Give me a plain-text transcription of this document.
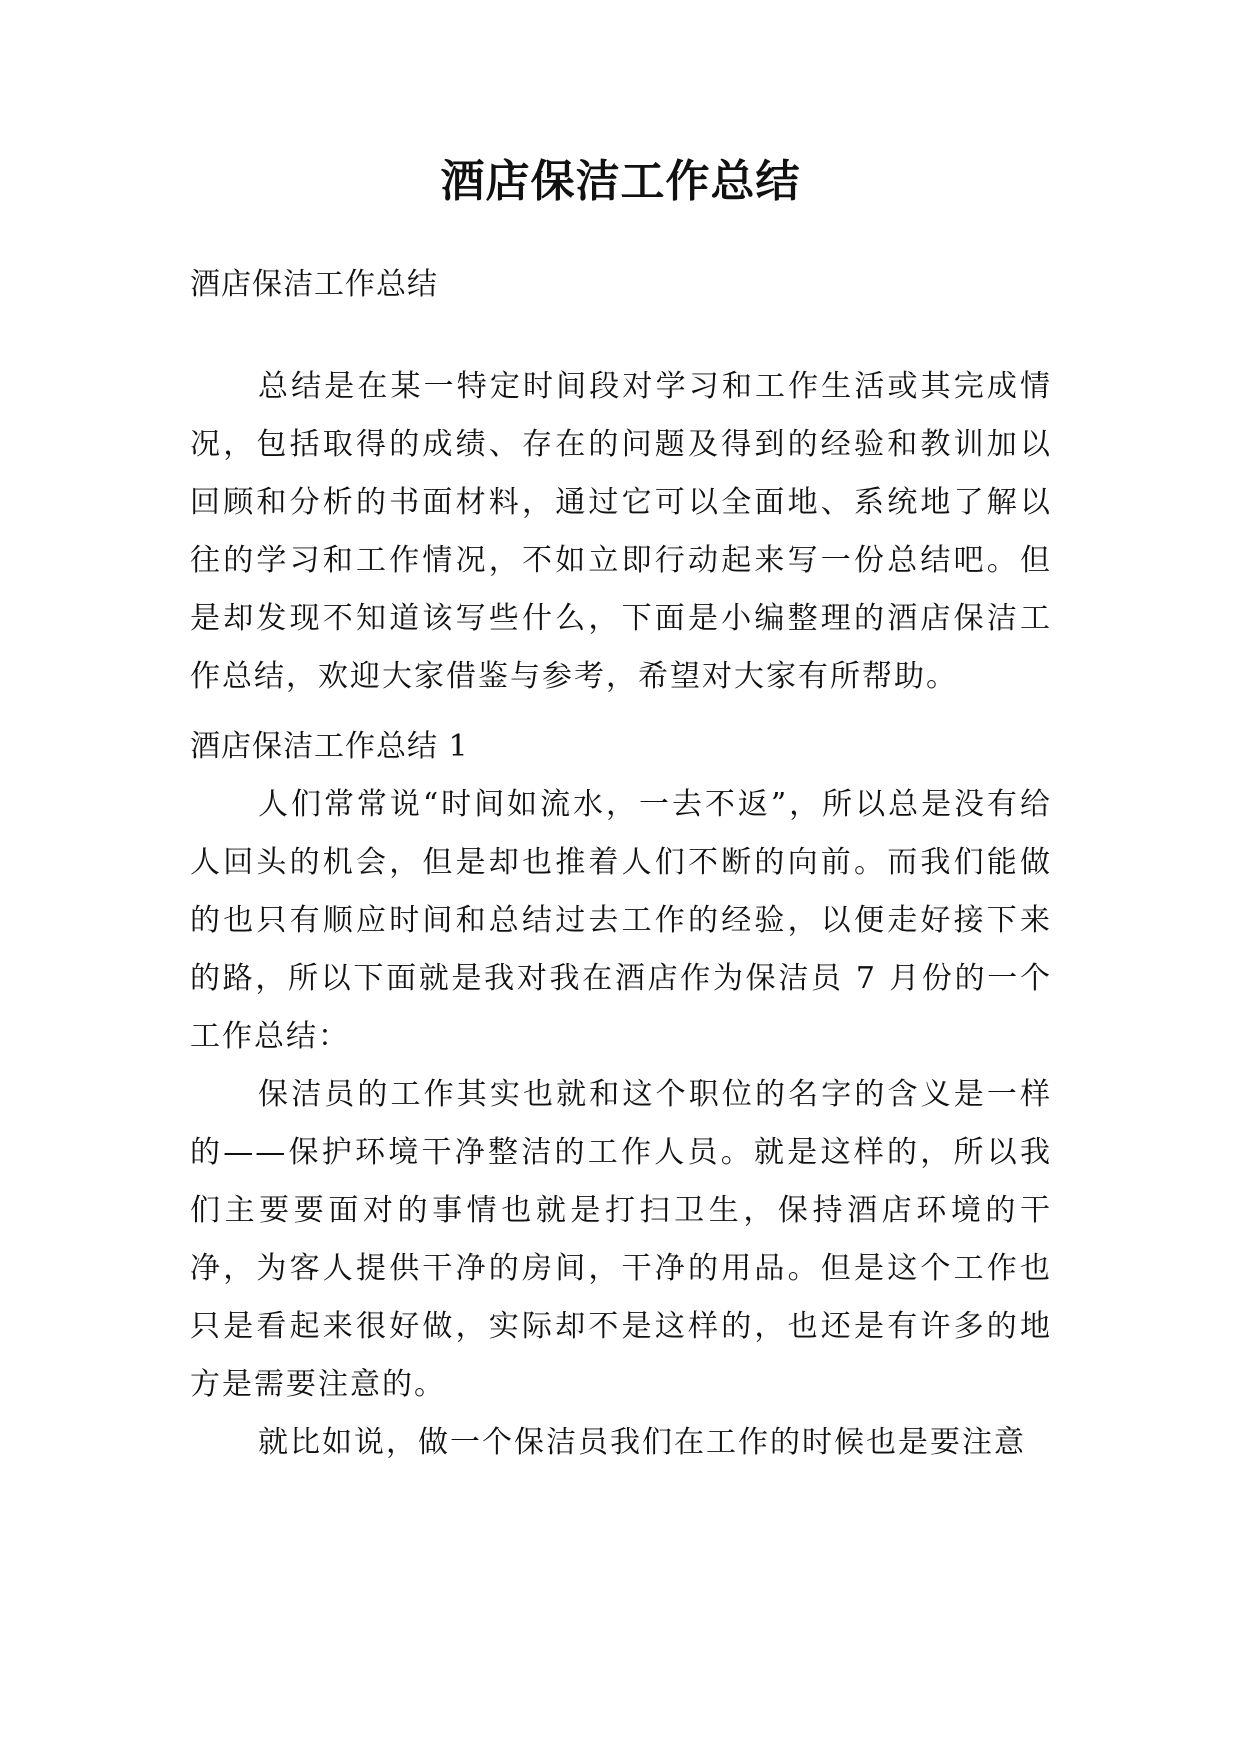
酒店保洁工作总结

酒店保洁工作总结

总结是在某一特定时间段对学习和工作生活或其完成情况，包括取得的成绩、存在的问题及得到的经验和教训加以回顾和分析的书面材料，通过它可以全面地、系统地了解以往的学习和工作情况，不如立即行动起来写一份总结吧。但是却发现不知道该写些什么，下面是小编整理的酒店保洁工作总结，欢迎大家借鉴与参考，希望对大家有所帮助。

酒店保洁工作总结 1

人们常常说“时间如流水，一去不返”，所以总是没有给人回头的机会，但是却也推着人们不断的向前。而我们能做的也只有顺应时间和总结过去工作的经验，以便走好接下来的路，所以下面就是我对我在酒店作为保洁员 7 月份的一个工作总结：

保洁员的工作其实也就和这个职位的名字的含义是一样的——保护环境干净整洁的工作人员。就是这样的，所以我们主要要面对的事情也就是打扫卫生，保持酒店环境的干净，为客人提供干净的房间，干净的用品。但是这个工作也只是看起来很好做，实际却不是这样的，也还是有许多的地方是需要注意的。

就比如说，做一个保洁员我们在工作的时候也是要注意
